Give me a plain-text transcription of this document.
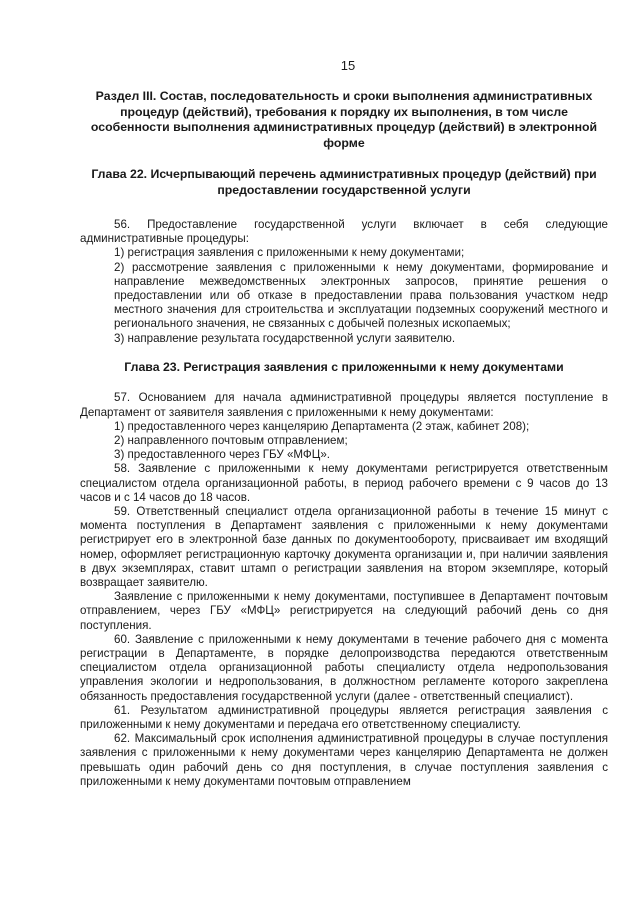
15
Раздел III. Состав, последовательность и сроки выполнения административных процедур (действий), требования к порядку их выполнения, в том числе особенности выполнения административных процедур (действий) в электронной форме
Глава 22. Исчерпывающий перечень административных процедур (действий) при предоставлении государственной услуги

56. Предоставление государственной услуги включает в себя следующие административные процедуры:

1) регистрация заявления с приложенными к нему документами;

2) рассмотрение заявления с приложенными к нему документами, формирование и направление межведомственных электронных запросов, принятие решения о предоставлении или об отказе в предоставлении права пользования участком недр местного значения для строительства и эксплуатации подземных сооружений местного и регионального значения, не связанных с добычей полезных ископаемых;

3) направление результата государственной услуги заявителю.

Глава 23. Регистрация заявления с приложенными к нему документами

57. Основанием для начала административной процедуры является поступление в Департамент от заявителя заявления с приложенными к нему документами:

1) предоставленного через канцелярию Департамента (2 этаж, кабинет 208);

2) направленного почтовым отправлением;

3) предоставленного через ГБУ «МФЦ».

58. Заявление с приложенными к нему документами регистрируется ответственным специалистом отдела организационной работы, в период рабочего времени с 9 часов до 13 часов и с 14 часов до 18 часов.

59. Ответственный специалист отдела организационной работы в течение 15 минут с момента поступления в Департамент заявления с приложенными к нему документами регистрирует его в электронной базе данных по документообороту, присваивает им входящий номер, оформляет регистрационную карточку документа организации и, при наличии заявления в двух экземплярах, ставит штамп о регистрации заявления на втором экземпляре, который возвращает заявителю.

Заявление с приложенными к нему документами, поступившее в Департамент почтовым отправлением, через ГБУ «МФЦ» регистрируется на следующий рабочий день со дня поступления.

60. Заявление с приложенными к нему документами в течение рабочего дня с момента регистрации в Департаменте, в порядке делопроизводства передаются ответственным специалистом отдела организационной работы специалисту отдела недропользования управления экологии и недропользования, в должностном регламенте которого закреплена обязанность предоставления государственной услуги (далее - ответственный специалист).

61. Результатом административной процедуры является регистрация заявления с приложенными к нему документами и передача его ответственному специалисту.

62. Максимальный срок исполнения административной процедуры в случае поступления заявления с приложенными к нему документами через канцелярию Департамента не должен превышать один рабочий день со дня поступления, в случае поступления заявления с приложенными к нему документами почтовым отправлением
